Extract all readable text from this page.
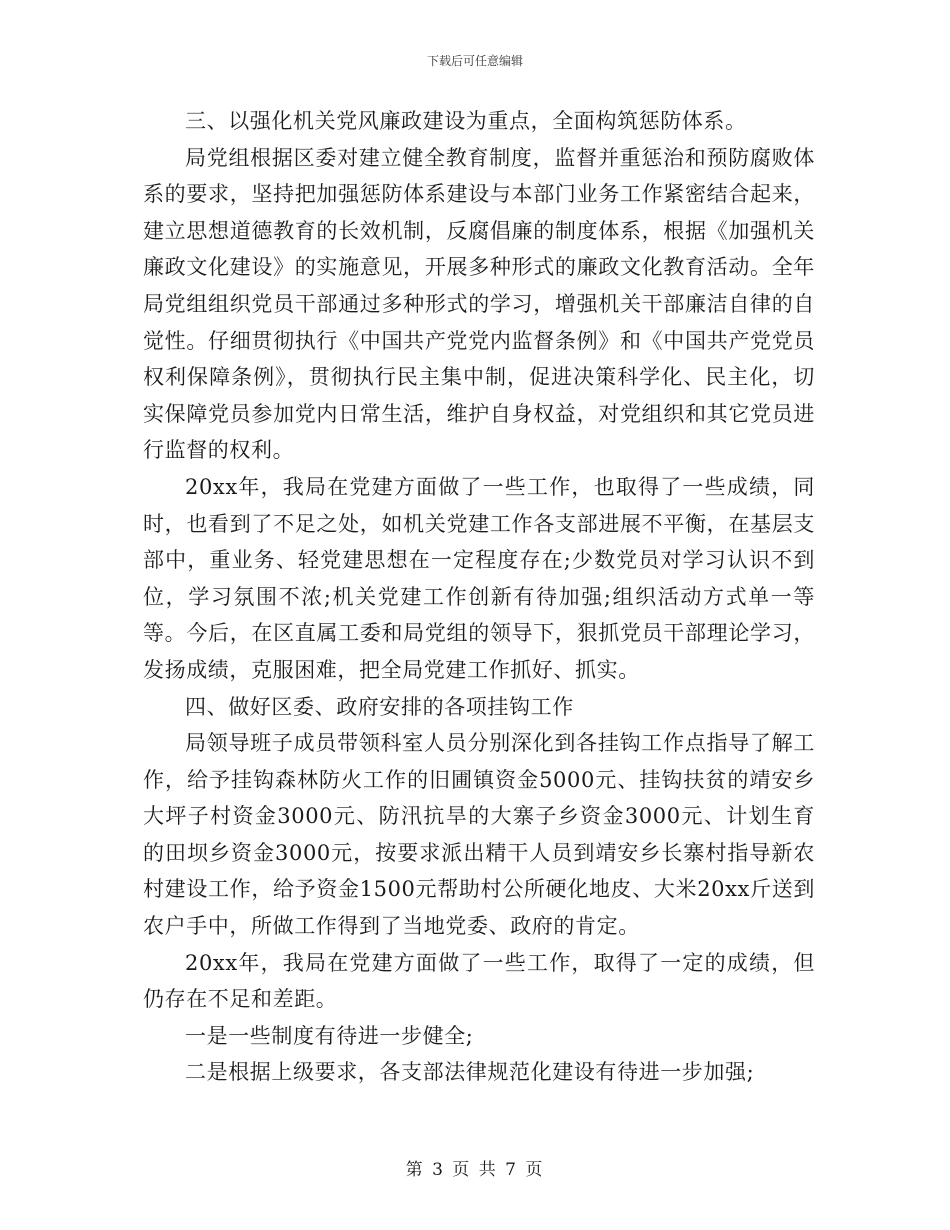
下载后可任意编辑

三、以强化机关党风廉政建设为重点，全面构筑惩防体系。

局党组根据区委对建立健全教育制度，监督并重惩治和预防腐败体系的要求，坚持把加强惩防体系建设与本部门业务工作紧密结合起来，建立思想道德教育的长效机制，反腐倡廉的制度体系，根据《加强机关廉政文化建设》的实施意见，开展多种形式的廉政文化教育活动。全年局党组组织党员干部通过多种形式的学习，增强机关干部廉洁自律的自觉性。仔细贯彻执行《中国共产党党内监督条例》和《中国共产党党员权利保障条例》，贯彻执行民主集中制，促进决策科学化、民主化，切实保障党员参加党内日常生活，维护自身权益，对党组织和其它党员进行监督的权利。

20xx年，我局在党建方面做了一些工作，也取得了一些成绩，同时，也看到了不足之处，如机关党建工作各支部进展不平衡，在基层支部中，重业务、轻党建思想在一定程度存在;少数党员对学习认识不到位，学习氛围不浓;机关党建工作创新有待加强;组织活动方式单一等等。今后，在区直属工委和局党组的领导下，狠抓党员干部理论学习，发扬成绩，克服困难，把全局党建工作抓好、抓实。

四、做好区委、政府安排的各项挂钩工作

局领导班子成员带领科室人员分别深化到各挂钩工作点指导了解工作，给予挂钩森林防火工作的旧圃镇资金5000元、挂钩扶贫的靖安乡大坪子村资金3000元、防汛抗旱的大寨子乡资金3000元、计划生育的田坝乡资金3000元，按要求派出精干人员到靖安乡长寨村指导新农村建设工作，给予资金1500元帮助村公所硬化地皮、大米20xx斤送到农户手中，所做工作得到了当地党委、政府的肯定。

20xx年，我局在党建方面做了一些工作，取得了一定的成绩，但仍存在不足和差距。

一是一些制度有待进一步健全;

二是根据上级要求，各支部法律规范化建设有待进一步加强;

第 3 页 共 7 页
